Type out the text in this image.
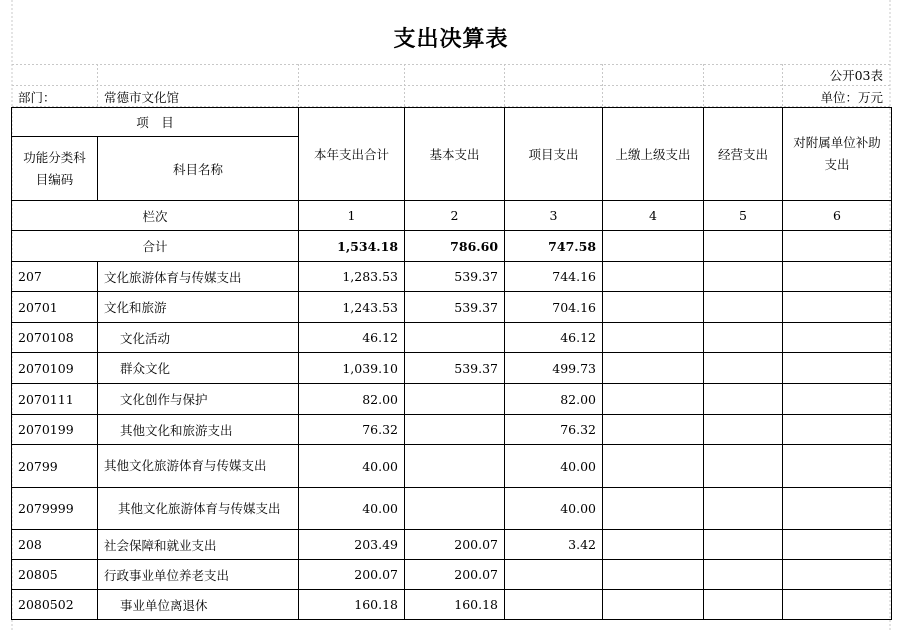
支出决算表
公开03表
部门：	常德市文化馆	单位：万元
项　目		本年支出合计	基本支出	项目支出	上缴上级支出	经营支出	对附属单位补助支出
功能分类科目编码	科目名称						
栏次		1	2	3	4	5	6
合计		1,534.18	786.60	747.58			
207	文化旅游体育与传媒支出	1,283.53	539.37	744.16			
20701	文化和旅游	1,243.53	539.37	704.16			
2070108	文化活动	46.12		46.12			
2070109	群众文化	1,039.10	539.37	499.73			
2070111	文化创作与保护	82.00		82.00			
2070199	其他文化和旅游支出	76.32		76.32			
20799	其他文化旅游体育与传媒支出	40.00		40.00			
2079999	其他文化旅游体育与传媒支出	40.00		40.00			
208	社会保障和就业支出	203.49	200.07	3.42			
20805	行政事业单位养老支出	200.07	200.07				
2080502	事业单位离退休	160.18	160.18				
